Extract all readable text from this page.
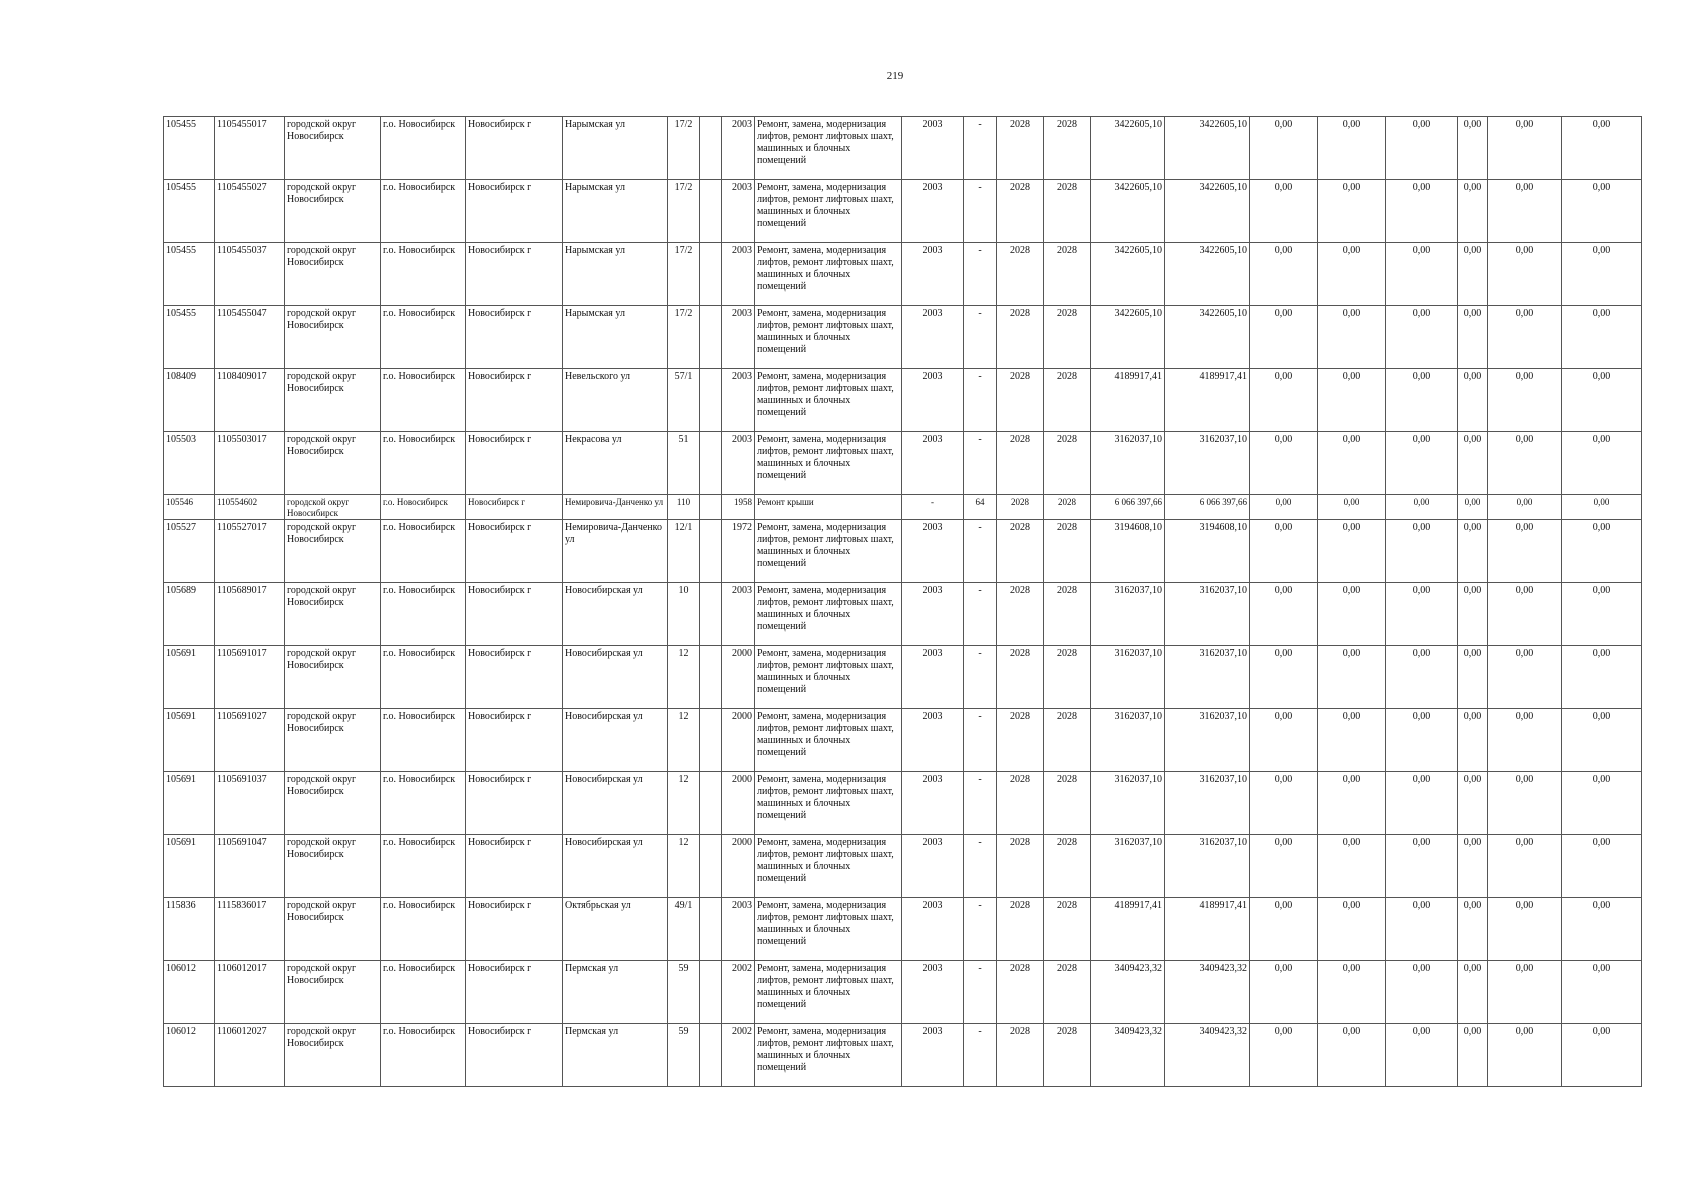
219
105455	1105455017	городской округ Новосибирск	г.о. Новосибирск	Новосибирск г	Нарымская ул	17/2		2003	Ремонт, замена, модернизация лифтов, ремонт лифтовых шахт, машинных и блочных помещений	2003	-	2028	2028	3422605,10	3422605,10	0,00	0,00	0,00	0,00	0,00	0,00
105455	1105455027	городской округ Новосибирск	г.о. Новосибирск	Новосибирск г	Нарымская ул	17/2		2003	Ремонт, замена, модернизация лифтов, ремонт лифтовых шахт, машинных и блочных помещений	2003	-	2028	2028	3422605,10	3422605,10	0,00	0,00	0,00	0,00	0,00	0,00
105455	1105455037	городской округ Новосибирск	г.о. Новосибирск	Новосибирск г	Нарымская ул	17/2		2003	Ремонт, замена, модернизация лифтов, ремонт лифтовых шахт, машинных и блочных помещений	2003	-	2028	2028	3422605,10	3422605,10	0,00	0,00	0,00	0,00	0,00	0,00
105455	1105455047	городской округ Новосибирск	г.о. Новосибирск	Новосибирск г	Нарымская ул	17/2		2003	Ремонт, замена, модернизация лифтов, ремонт лифтовых шахт, машинных и блочных помещений	2003	-	2028	2028	3422605,10	3422605,10	0,00	0,00	0,00	0,00	0,00	0,00
108409	1108409017	городской округ Новосибирск	г.о. Новосибирск	Новосибирск г	Невельского ул	57/1		2003	Ремонт, замена, модернизация лифтов, ремонт лифтовых шахт, машинных и блочных помещений	2003	-	2028	2028	4189917,41	4189917,41	0,00	0,00	0,00	0,00	0,00	0,00
105503	1105503017	городской округ Новосибирск	г.о. Новосибирск	Новосибирск г	Некрасова ул	51		2003	Ремонт, замена, модернизация лифтов, ремонт лифтовых шахт, машинных и блочных помещений	2003	-	2028	2028	3162037,10	3162037,10	0,00	0,00	0,00	0,00	0,00	0,00
105546	110554602	городской округ Новосибирск	г.о. Новосибирск	Новосибирск г	Немировича-Данченко ул	110		1958	Ремонт крыши	-	64	2028	2028	6 066 397,66	6 066 397,66	0,00	0,00	0,00	0,00	0,00	0,00
105527	1105527017	городской округ Новосибирск	г.о. Новосибирск	Новосибирск г	Немировича-Данченко ул	12/1		1972	Ремонт, замена, модернизация лифтов, ремонт лифтовых шахт, машинных и блочных помещений	2003	-	2028	2028	3194608,10	3194608,10	0,00	0,00	0,00	0,00	0,00	0,00
105689	1105689017	городской округ Новосибирск	г.о. Новосибирск	Новосибирск г	Новосибирская ул	10		2003	Ремонт, замена, модернизация лифтов, ремонт лифтовых шахт, машинных и блочных помещений	2003	-	2028	2028	3162037,10	3162037,10	0,00	0,00	0,00	0,00	0,00	0,00
105691	1105691017	городской округ Новосибирск	г.о. Новосибирск	Новосибирск г	Новосибирская ул	12		2000	Ремонт, замена, модернизация лифтов, ремонт лифтовых шахт, машинных и блочных помещений	2003	-	2028	2028	3162037,10	3162037,10	0,00	0,00	0,00	0,00	0,00	0,00
105691	1105691027	городской округ Новосибирск	г.о. Новосибирск	Новосибирск г	Новосибирская ул	12		2000	Ремонт, замена, модернизация лифтов, ремонт лифтовых шахт, машинных и блочных помещений	2003	-	2028	2028	3162037,10	3162037,10	0,00	0,00	0,00	0,00	0,00	0,00
105691	1105691037	городской округ Новосибирск	г.о. Новосибирск	Новосибирск г	Новосибирская ул	12		2000	Ремонт, замена, модернизация лифтов, ремонт лифтовых шахт, машинных и блочных помещений	2003	-	2028	2028	3162037,10	3162037,10	0,00	0,00	0,00	0,00	0,00	0,00
105691	1105691047	городской округ Новосибирск	г.о. Новосибирск	Новосибирск г	Новосибирская ул	12		2000	Ремонт, замена, модернизация лифтов, ремонт лифтовых шахт, машинных и блочных помещений	2003	-	2028	2028	3162037,10	3162037,10	0,00	0,00	0,00	0,00	0,00	0,00
115836	1115836017	городской округ Новосибирск	г.о. Новосибирск	Новосибирск г	Октябрьская ул	49/1		2003	Ремонт, замена, модернизация лифтов, ремонт лифтовых шахт, машинных и блочных помещений	2003	-	2028	2028	4189917,41	4189917,41	0,00	0,00	0,00	0,00	0,00	0,00
106012	1106012017	городской округ Новосибирск	г.о. Новосибирск	Новосибирск г	Пермская ул	59		2002	Ремонт, замена, модернизация лифтов, ремонт лифтовых шахт, машинных и блочных помещений	2003	-	2028	2028	3409423,32	3409423,32	0,00	0,00	0,00	0,00	0,00	0,00
106012	1106012027	городской округ Новосибирск	г.о. Новосибирск	Новосибирск г	Пермская ул	59		2002	Ремонт, замена, модернизация лифтов, ремонт лифтовых шахт, машинных и блочных помещений	2003	-	2028	2028	3409423,32	3409423,32	0,00	0,00	0,00	0,00	0,00	0,00
